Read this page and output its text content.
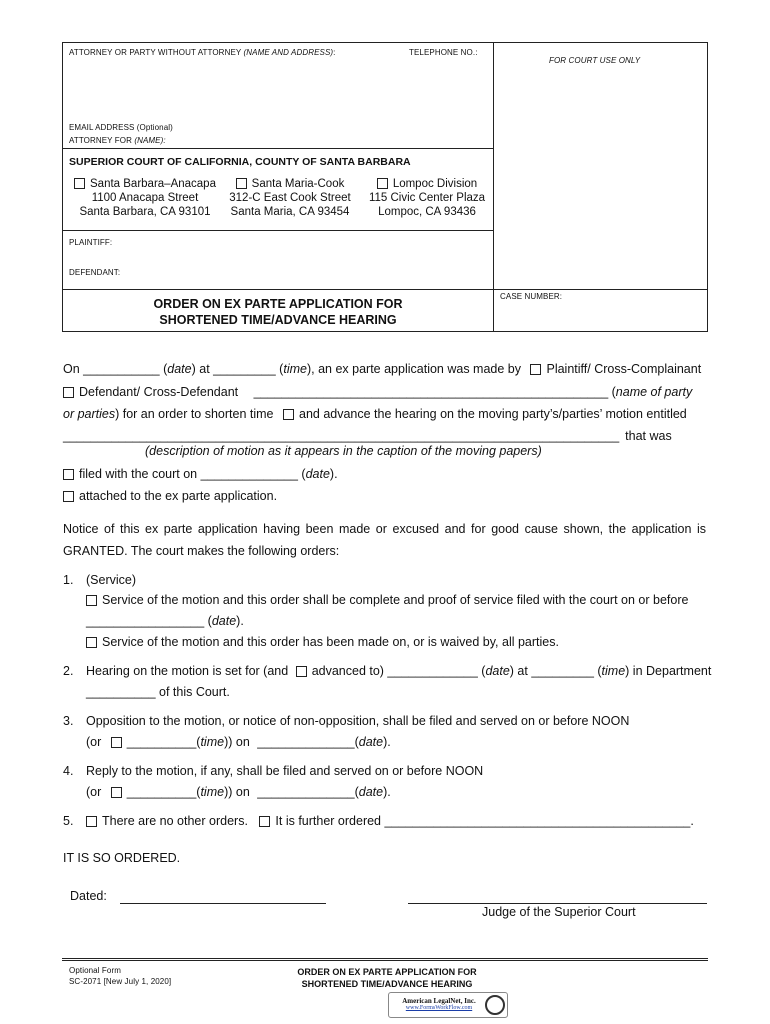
ATTORNEY OR PARTY WITHOUT ATTORNEY (NAME AND ADDRESS):	TELEPHONE NO.:
FOR COURT USE ONLY
EMAIL ADDRESS (Optional)
ATTORNEY FOR (NAME):
SUPERIOR COURT OF CALIFORNIA, COUNTY OF SANTA BARBARA
Santa Barbara–Anacapa
1100 Anacapa Street
Santa Barbara, CA 93101
Santa Maria-Cook
312-C East Cook Street
Santa Maria, CA 93454
Lompoc Division
115 Civic Center Plaza
Lompoc, CA 93436
PLAINTIFF:
DEFENDANT:
ORDER ON EX PARTE APPLICATION FOR
SHORTENED TIME/ADVANCE HEARING
CASE NUMBER:
On ___________ (date) at _________ (time), an ex parte application was made by Plaintiff/ Cross-Complainant
Defendant/ Cross-Defendant ___________________________________________________ (name of party
or parties) for an order to shorten time and advance the hearing on the moving party’s/parties’ motion entitled
________________________________________________________________________________ that was
(description of motion as it appears in the caption of the moving papers)
filed with the court on ______________ (date).
attached to the ex parte application.
Notice of this ex parte application having been made or excused and for good cause shown, the application is
GRANTED. The court makes the following orders:
1. (Service)
Service of the motion and this order shall be complete and proof of service filed with the court on or before
_________________ (date).
Service of the motion and this order has been made on, or is waived by, all parties.
2. Hearing on the motion is set for (and advanced to) _____________ (date) at _________ (time) in Department
__________ of this Court.
3. Opposition to the motion, or notice of non-opposition, shall be filed and served on or before NOON
(or __________(time)) on ______________(date).
4. Reply to the motion, if any, shall be filed and served on or before NOON
(or __________(time)) on ______________(date).
5.	There are no other orders. It is further ordered ____________________________________________.
IT IS SO ORDERED.
Dated:
Judge of the Superior Court
Optional Form
SC-2071 [New July 1, 2020]
ORDER ON EX PARTE APPLICATION FOR
SHORTENED TIME/ADVANCE HEARING
American LegalNet, Inc.
www.FormsWorkFlow.com
